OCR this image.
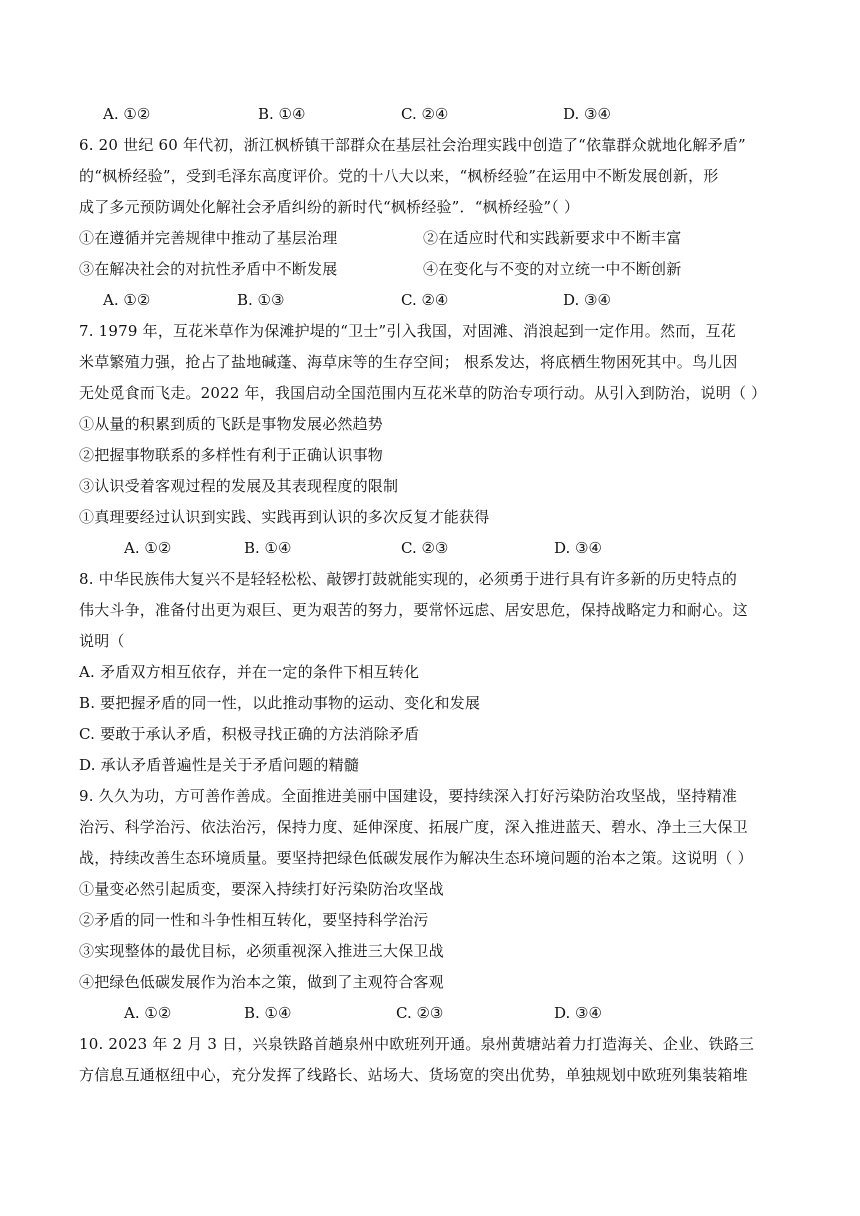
A. ①②	B. ①④	C. ②④	D. ③④
6. 20 世纪 60 年代初，浙江枫桥镇干部群众在基层社会治理实践中创造了“依靠群众就地化解矛盾”
的“枫桥经验”，受到毛泽东高度评价。党的十八大以来，“枫桥经验”在运用中不断发展创新，形
成了多元预防调处化解社会矛盾纠纷的新时代“枫桥经验”．“枫桥经验”（ ）
①在遵循并完善规律中推动了基层治理	②在适应时代和实践新要求中不断丰富
③在解决社会的对抗性矛盾中不断发展	④在变化与不变的对立统一中不断创新
A. ①②	B. ①③	C. ②④	D. ③④
7. 1979 年，互花米草作为保滩护堤的“卫士”引入我国，对固滩、消浪起到一定作用。然而，互花
米草繁殖力强，抢占了盐地碱蓬、海草床等的生存空间； 根系发达，将底栖生物困死其中。鸟儿因
无处觅食而飞走。2022 年，我国启动全国范围内互花米草的防治专项行动。从引入到防治，说明（ ）
①从量的积累到质的飞跃是事物发展必然趋势
②把握事物联系的多样性有利于正确认识事物
③认识受着客观过程的发展及其表现程度的限制
①真理要经过认识到实践、实践再到认识的多次反复才能获得
A. ①②	B. ①④	C. ②③	D. ③④
8. 中华民族伟大复兴不是轻轻松松、敲锣打鼓就能实现的，必须勇于进行具有许多新的历史特点的
伟大斗争，准备付出更为艰巨、更为艰苦的努力，要常怀远虑、居安思危，保持战略定力和耐心。这
说明（
A. 矛盾双方相互依存，并在一定的条件下相互转化
B. 要把握矛盾的同一性，以此推动事物的运动、变化和发展
C. 要敢于承认矛盾，积极寻找正确的方法消除矛盾
D. 承认矛盾普遍性是关于矛盾问题的精髓
9. 久久为功，方可善作善成。全面推进美丽中国建设，要持续深入打好污染防治攻坚战，坚持精准
治污、科学治污、依法治污，保持力度、延伸深度、拓展广度，深入推进蓝天、碧水、净土三大保卫
战，持续改善生态环境质量。要坚持把绿色低碳发展作为解决生态环境问题的治本之策。这说明（ ）
①量变必然引起质变，要深入持续打好污染防治攻坚战
②矛盾的同一性和斗争性相互转化，要坚持科学治污
③实现整体的最优目标，必须重视深入推进三大保卫战
④把绿色低碳发展作为治本之策，做到了主观符合客观
A. ①②	B. ①④	C. ②③	D. ③④
10. 2023 年 2 月 3 日，兴泉铁路首趟泉州中欧班列开通。泉州黄塘站着力打造海关、企业、铁路三
方信息互通枢纽中心，充分发挥了线路长、站场大、货场宽的突出优势，单独规划中欧班列集装箱堆
